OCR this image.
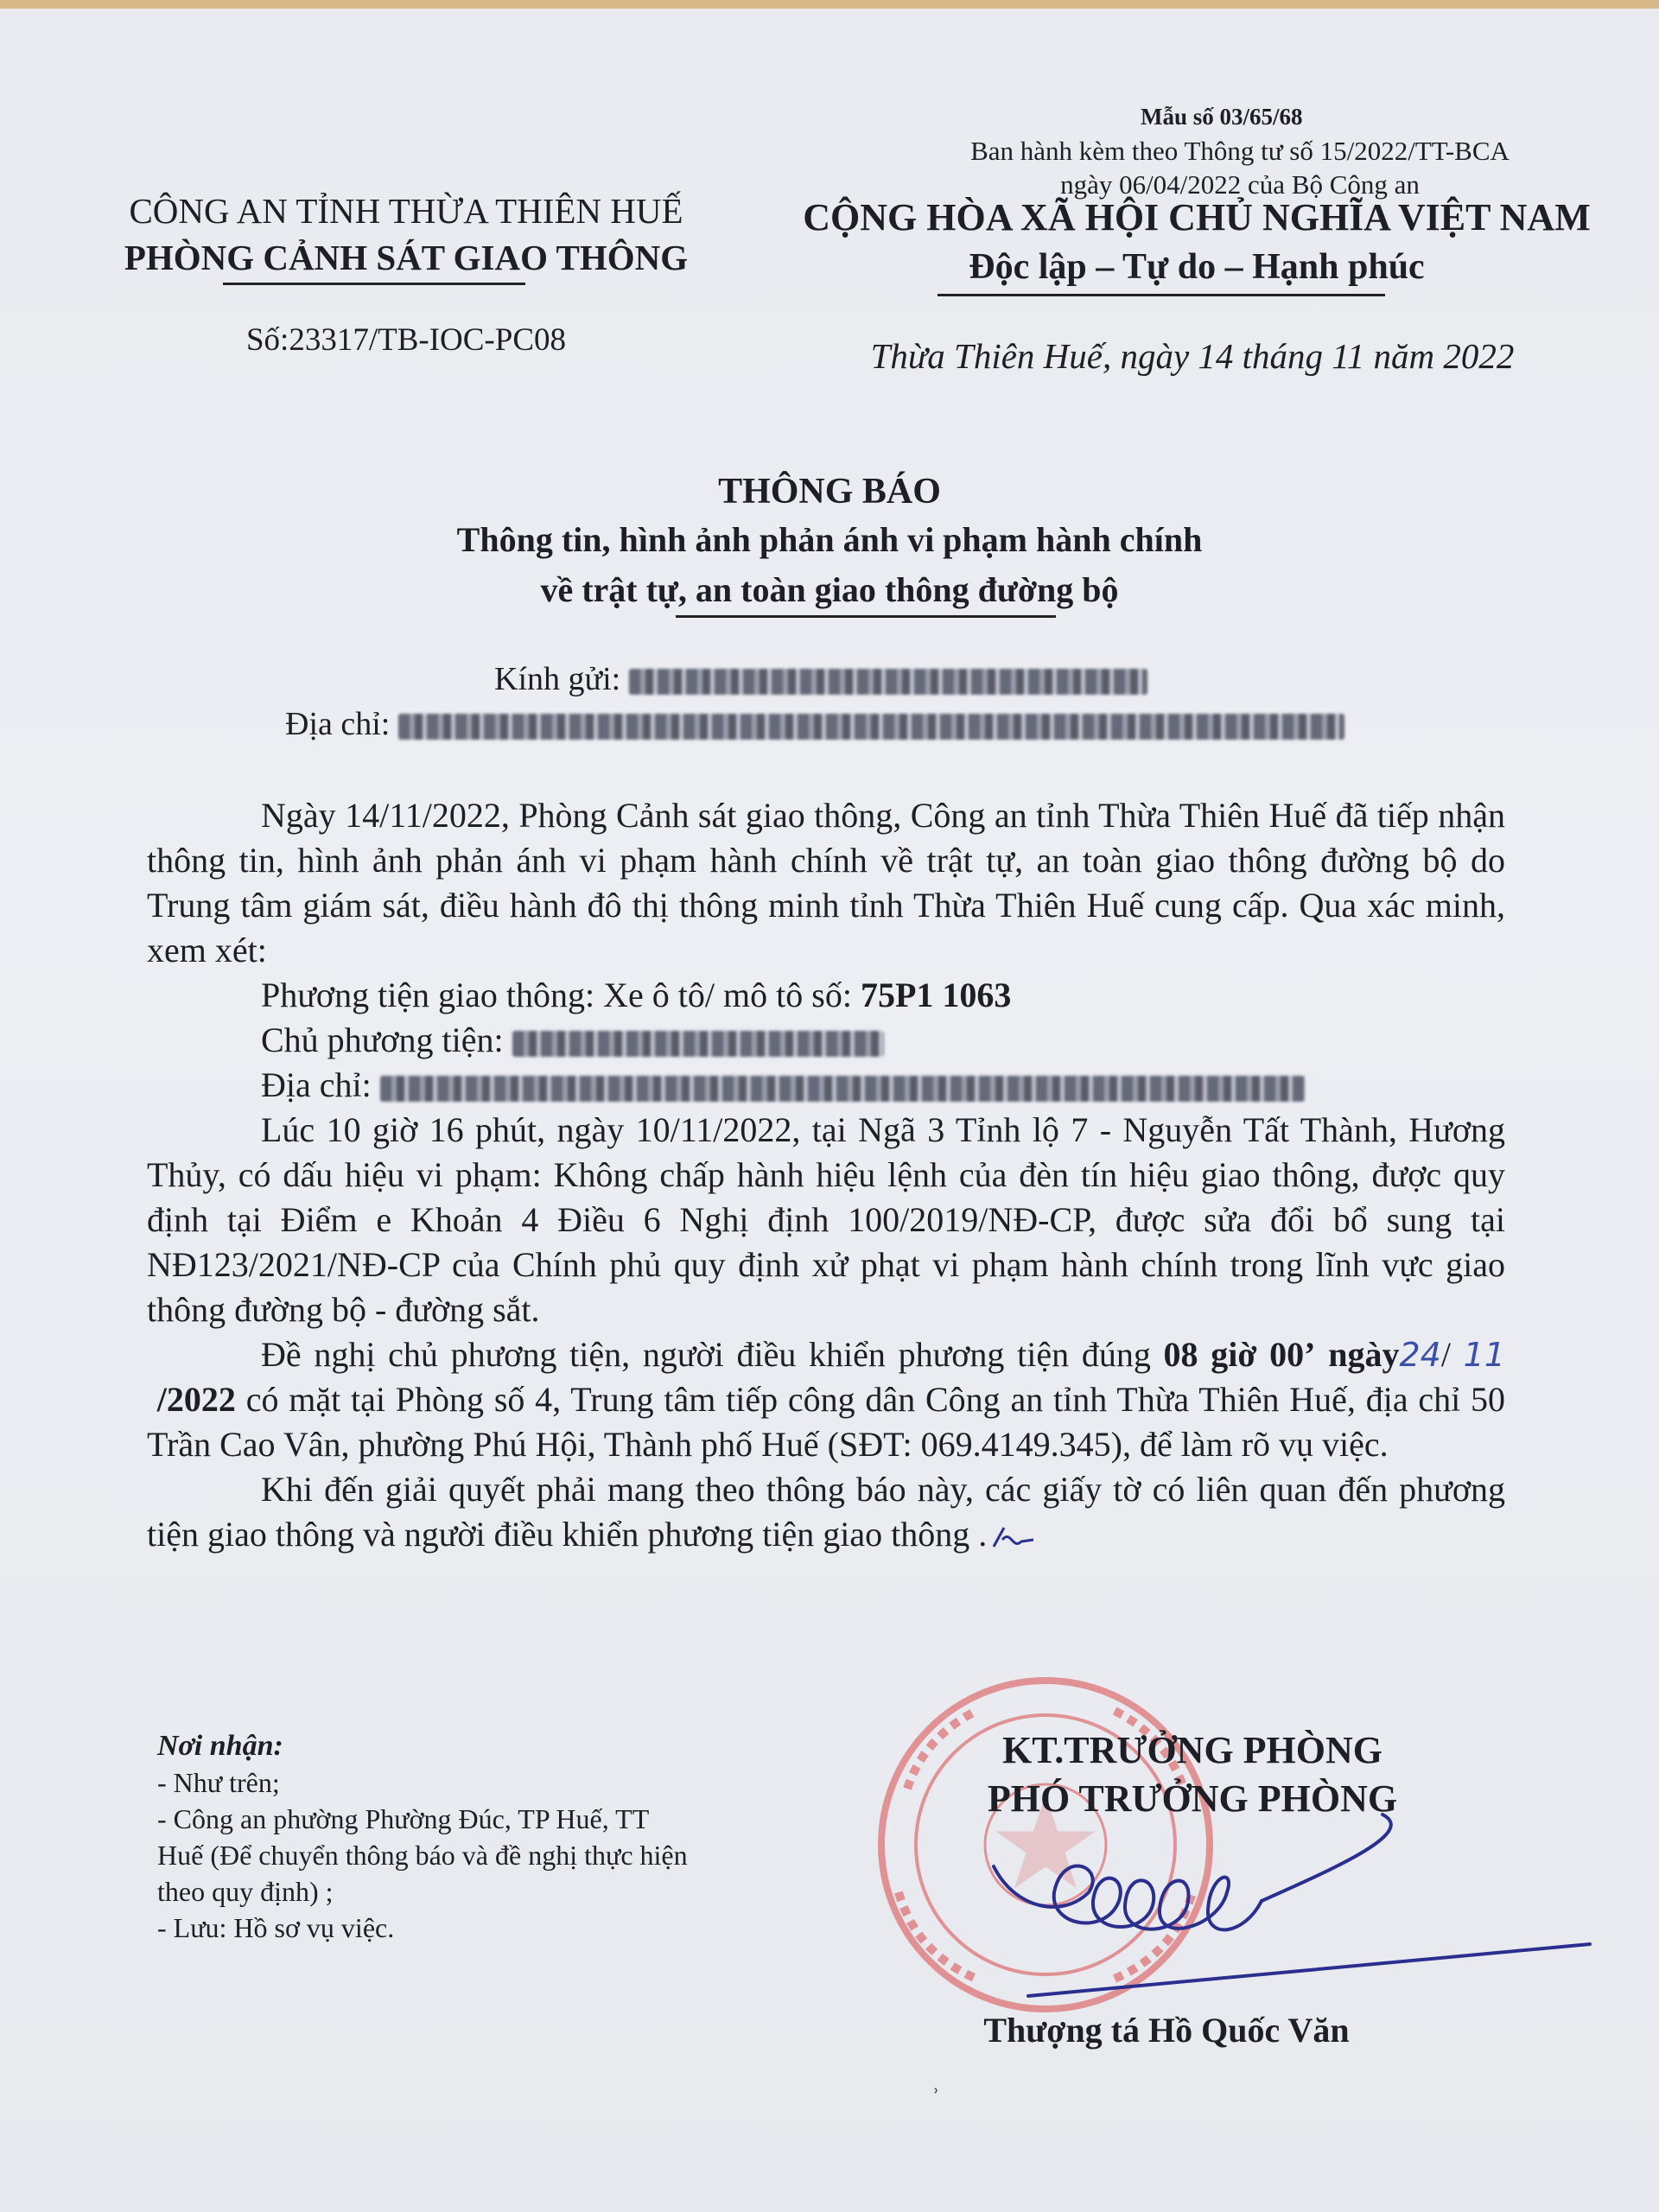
Mẫu số 03/65/68
Ban hành kèm theo Thông tư số 15/2022/TT-BCA
ngày 06/04/2022 của Bộ Công an
CÔNG AN TỈNH THỪA THIÊN HUẾ
PHÒNG CẢNH SÁT GIAO THÔNG
Số:23317/TB-IOC-PC08
CỘNG HÒA XÃ HỘI CHỦ NGHĨA VIỆT NAM
Độc lập – Tự do – Hạnh phúc
Thừa Thiên Huế, ngày 14 tháng 11 năm 2022
THÔNG BÁO
Thông tin, hình ảnh phản ánh vi phạm hành chính
về trật tự, an toàn giao thông đường bộ
Kính gửi:
Địa chỉ:

Ngày 14/11/2022, Phòng Cảnh sát giao thông, Công an tỉnh Thừa Thiên Huế đã tiếp nhận thông tin, hình ảnh phản ánh vi phạm hành chính về trật tự, an toàn giao thông đường bộ do Trung tâm giám sát, điều hành đô thị thông minh tỉnh Thừa Thiên Huế cung cấp. Qua xác minh, xem xét:

Phương tiện giao thông: Xe ô tô/ mô tô số: 75P1 1063

Chủ phương tiện:

Địa chỉ:

Lúc 10 giờ 16 phút, ngày 10/11/2022, tại Ngã 3 Tỉnh lộ 7 - Nguyễn Tất Thành, Hương Thủy, có dấu hiệu vi phạm: Không chấp hành hiệu lệnh của đèn tín hiệu giao thông, được quy định tại Điểm e Khoản 4 Điều 6 Nghị định 100/2019/NĐ-CP, được sửa đổi bổ sung tại NĐ123/2021/NĐ-CP của Chính phủ quy định xử phạt vi phạm hành chính trong lĩnh vực giao thông đường bộ - đường sắt.

Đề nghị chủ phương tiện, người điều khiển phương tiện đúng 08 giờ 00’ ngày24/ 11  /2022 có mặt tại Phòng số 4, Trung tâm tiếp công dân Công an tỉnh Thừa Thiên Huế, địa chỉ 50 Trần Cao Vân, phường Phú Hội, Thành phố Huế (SĐT: 069.4149.345), để làm rõ vụ việc.

Khi đến giải quyết phải mang theo thông báo này, các giấy tờ có liên quan đến phương tiện giao thông và người điều khiển phương tiện giao thông .

Nơi nhận:
- Như trên;
- Công an phường Phường Đúc, TP Huế, TT
Huế (Để chuyển thông báo và đề nghị thực hiện
theo quy định) ;
- Lưu: Hồ sơ vụ việc.
KT.TRƯỞNG PHÒNG
PHÓ TRƯỞNG PHÒNG
Thượng tá Hồ Quốc Văn
ʾ
